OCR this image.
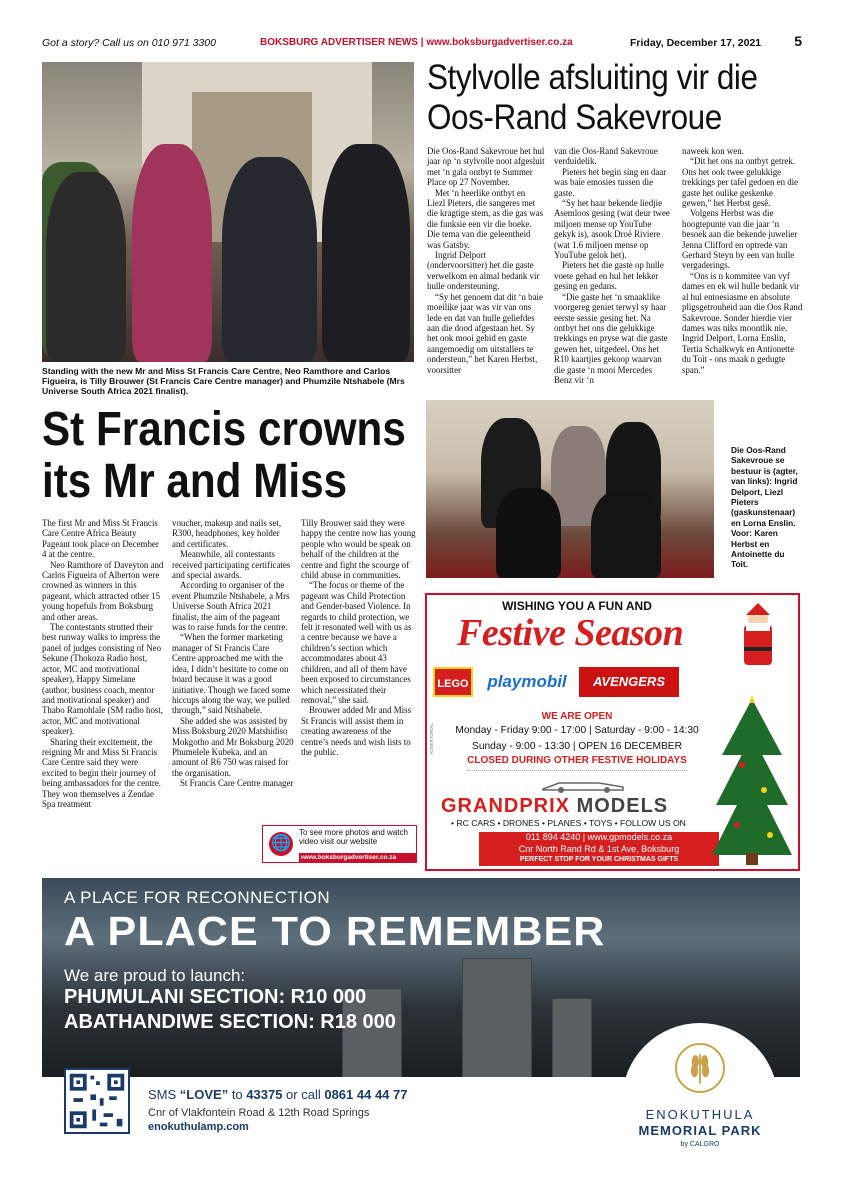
Got a story? Call us on 010 971 3300	BOKSBURG ADVERTISER NEWS | www.boksburgadvertiser.co.za	Friday, December 17, 2021 5
Standing with the new Mr and Miss St Francis Care Centre, Neo Ramthore and Carlos Figueira, is Tilly Brouwer (St Francis Care Centre manager) and Phumzile Ntshabele (Mrs Universe South Africa 2021 finalist).
Stylvolle afsluiting vir die Oos-Rand Sakevroue

Die Oos-Rand Sakevroue het hul jaar op ‘n stylvolle noot afgesluit met ‘n gala ontbyt te Summer Place op 27 November.

Met ‘n heerlike ontbyt en Liezl Pieters, die sangeres met die kragtige stem, as die gas was die funksie een vir die boeke. Die tema van die geleentheid was Gatsby.

Ingrid Delport (ondervoorsitter) het die gaste verwelkom en almal bedank vir hulle ondersteuning.

“Sy het genoem dat dit ‘n baie moeilike jaar was vir van ons lede en dat van hulle geliefdes aan die dood afgestaan het. Sy het ook mooi gebid en gaste aangemoedig om uitstallers te ondersteun,” het Karen Herbst, voorsitter

van die Oos-Rand Sakevroue verduidelik.

Pieters het begin sing en daar was baie emosies tussen die gaste.

“Sy het haar bekende liedjie Asemloos gesing (wat deur twee miljoen mense op YouTube gekyk is), asook Droë Riviere (wat 1.6 miljoen mense op YouTube gelok het).

Pieters het die gaste op hulle voete gehad en hul het lekker gesing en gedans.

“Die gaste het ‘n smaaklike voorgereg geniet terwyl sy haar eerste sessie gesing het. Na ontbyt het ons die gelukkige trekkings en pryse wat die gaste gewen het, uitgedeel. Ons het R10 kaartjies gekoop waarvan die gaste ‘n mooi Mercedes Benz vir ‘n

naweek kon wen.

“Dit het ons na ontbyt getrek. Ons het ook twee gelukkige trekkings per tafel gedoen en die gaste het oulike geskenke gewen,” het Herbst gesê.

Volgens Herbst was die hoogtepunte van die jaar ‘n besoek aan die bekende juwelier Jenna Clifford en optrede van Gerhard Steyn by een van hulle vergaderings.

“Ons is n kommitee van vyf dames en ek wil hulle bedank vir al hul entoesiasme en absolute pligsgetrouheid aan die Oos Rand Sakevroue. Sonder hierdie vier dames was niks moontlik nie. Ingrid Delport, Lorna Enslin, Tertia Schalkwyk en Antionette du Toit - ons maak n gedugte span.”

Die Oos-Rand Sakevroue se bestuur is (agter, van links): Ingrid Delport, Liezl Pieters (gaskunstenaar) en Lorna Enslin. Voor: Karen Herbst en Antoinette du Toit.
St Francis crowns its Mr and Miss

The first Mr and Miss St Francis Care Centre Africa Beauty Pageant took place on December 4 at the centre.

Neo Ramthore of Daveyton and Carlos Figueira of Alberton were crowned as winners in this pageant, which attracted other 15 young hopefuls from Boksburg and other areas.

The contestants strutted their best runway walks to impress the panel of judges consisting of Neo Sekune (Thokoza Radio host, actor, MC and motivational speaker), Happy Simelane (author, business coach, mentor and motivational speaker) and Thabo Ramohlale (SM radio host, actor, MC and motivational speaker).

Sharing their excitement, the reigning Mr and Miss St Francis Care Centre said they were excited to begin their journey of being ambassadors for the centre. They won themselves a Zendae Spa treatment

voucher, makeup and nails set, R300, headphones, key holder and certificates.

Meanwhile, all contestants received participating certificates and special awards.

According to organiser of the event Phumzile Ntshabele, a Mrs Universe South Africa 2021 finalist, the aim of the pageant was to raise funds for the centre.

“When the former marketing manager of St Francis Care Centre approached me with the idea, I didn’t hesitate to come on board because it was a good initiative. Though we faced some hiccups along the way, we pulled through,” said Ntshabele.

She added she was assisted by Miss Boksburg 2020 Matshidiso Mokgotho and Mr Boksburg 2020 Phumelele Kubeka, and an amount of R6 750 was raised for the organisation.

St Francis Care Centre manager

Tilly Brouwer said they were happy the centre now has young people who would be speak on behalf of the children at the centre and fight the scourge of child abuse in communities.

“The focus or theme of the pageant was Child Protection and Gender-based Violence. In regards to child protection, we felt it resonated well with us as a centre because we have a children’s section which accommodates about 43 children, and all of them have been exposed to circumstances which necessitated their removal,” she said.

Brouwer added Mr and Miss St Francis will assist them in creating awareness of the centre’s needs and wish lists to the public.

🌐
To see more photos and watch video visit our website
www.boksburgadvertiser.co.za
WISHING YOU A FUN AND
Festive Season
LEGO	playmobil	AVENGERS
ADVERTORIAL
WE ARE OPEN
Monday - Friday 9:00 - 17:00 | Saturday - 9:00 - 14:30
Sunday - 9:00 - 13:30 | OPEN 16 DECEMBER
CLOSED DURING OTHER FESTIVE HOLIDAYS
GRANDPRIX MODELS
• RC CARS • DRONES • PLANES • TOYS • FOLLOW US ON
011 894 4240 | www.gpmodels.co.za
Cnr North Rand Rd & 1st Ave, Boksburg
PERFECT STOP FOR YOUR CHRISTMAS GIFTS
A PLACE FOR RECONNECTION
A PLACE TO REMEMBER
We are proud to launch:
PHUMULANI SECTION: R10 000
ABATHANDIWE SECTION: R18 000
SMS “LOVE” to 43375 or call 0861 44 44 77
Cnr of Vlakfontein Road & 12th Road Springs
enokuthulamp.com
ENOKUTHULA
MEMORIAL PARK
by CALGRO
